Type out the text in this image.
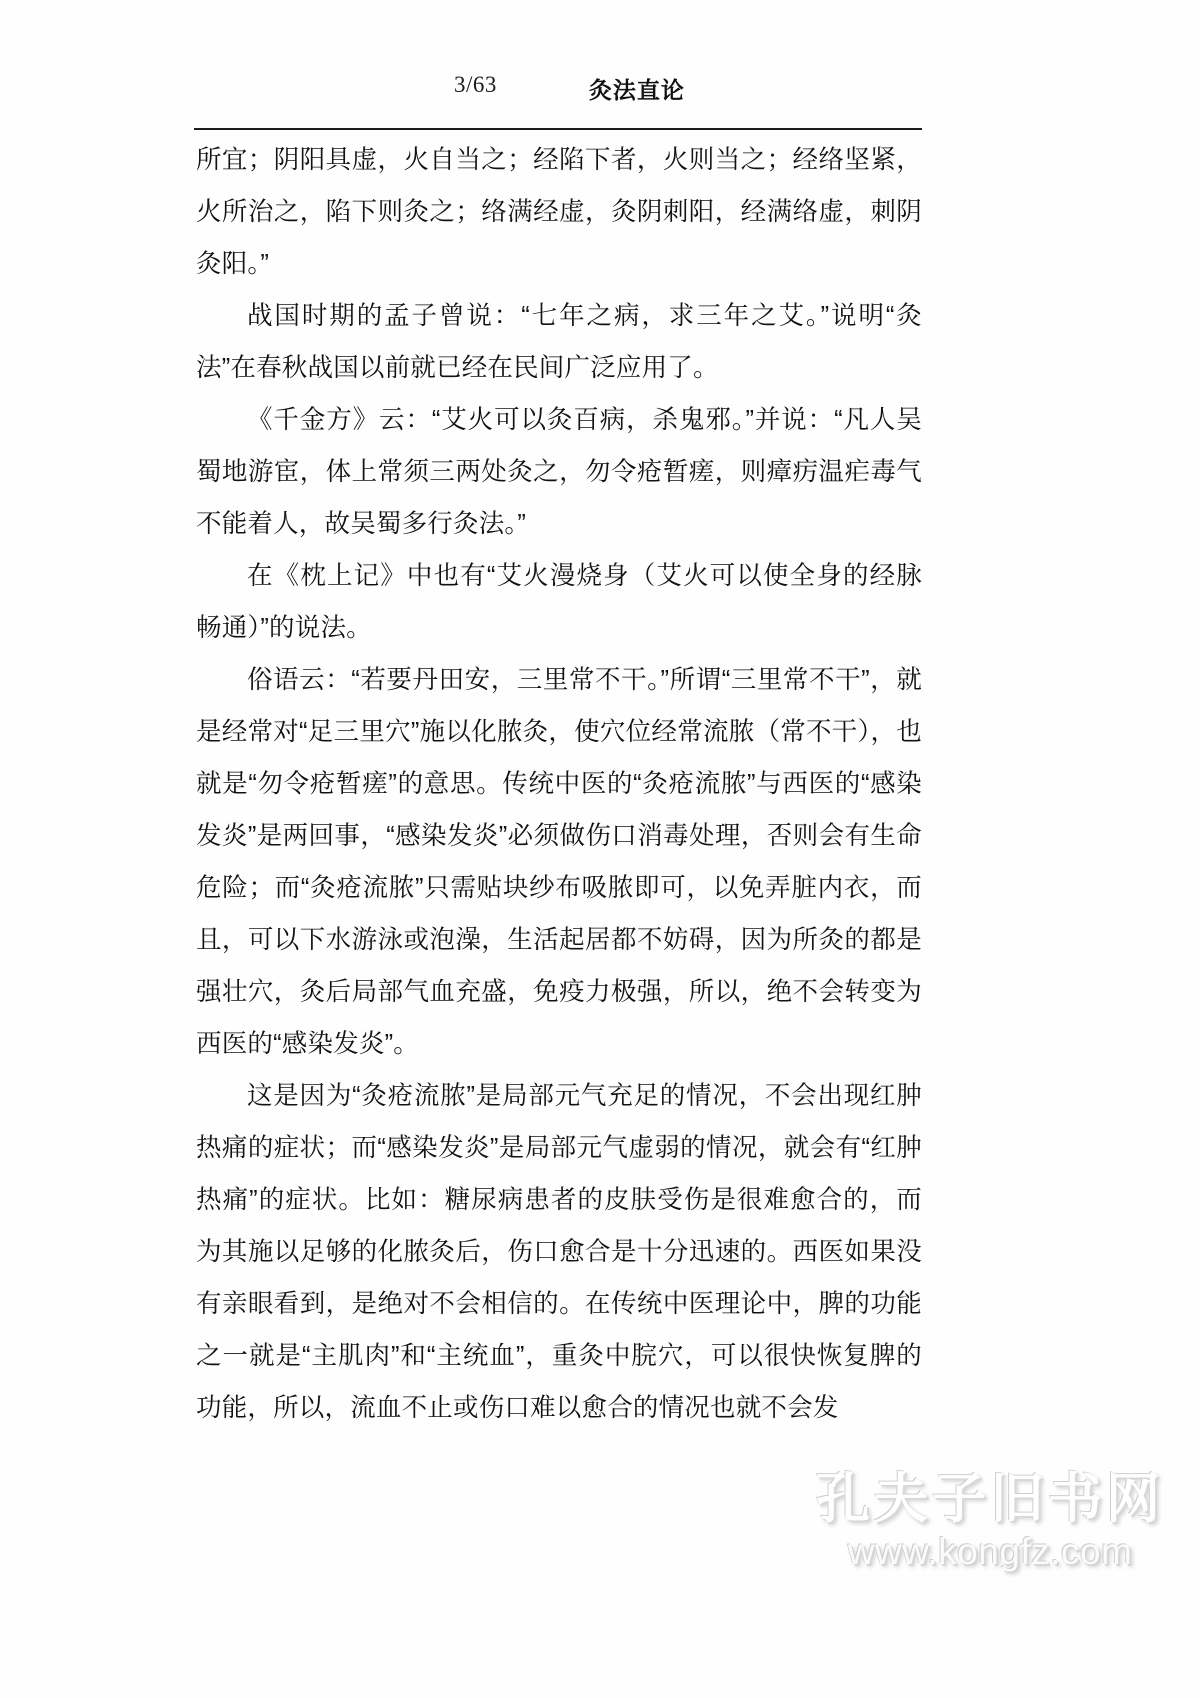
3/63	灸法直论

所宜；阴阳具虚，火自当之；经陷下者，火则当之；经络坚紧，火所治之，陷下则灸之；络满经虚，灸阴刺阳，经满络虚，刺阴灸阳。”

战国时期的孟子曾说：“七年之病，求三年之艾。”说明“灸法”在春秋战国以前就已经在民间广泛应用了。

《千金方》云：“艾火可以灸百病，杀鬼邪。”并说：“凡人吴蜀地游宦，体上常须三两处灸之，勿令疮暂瘥，则瘴疠温疟毒气不能着人，故吴蜀多行灸法。”

在《枕上记》中也有“艾火漫烧身（艾火可以使全身的经脉畅通）”的说法。

俗语云：“若要丹田安，三里常不干。”所谓“三里常不干”，就是经常对“足三里穴”施以化脓灸，使穴位经常流脓（常不干），也就是“勿令疮暂瘥”的意思。传统中医的“灸疮流脓”与西医的“感染发炎”是两回事，“感染发炎”必须做伤口消毒处理，否则会有生命危险；而“灸疮流脓”只需贴块纱布吸脓即可，以免弄脏内衣，而且，可以下水游泳或泡澡，生活起居都不妨碍，因为所灸的都是强壮穴，灸后局部气血充盛，免疫力极强，所以，绝不会转变为西医的“感染发炎”。

这是因为“灸疮流脓”是局部元气充足的情况，不会出现红肿热痛的症状；而“感染发炎”是局部元气虚弱的情况，就会有“红肿热痛”的症状。比如：糖尿病患者的皮肤受伤是很难愈合的，而为其施以足够的化脓灸后，伤口愈合是十分迅速的。西医如果没有亲眼看到，是绝对不会相信的。在传统中医理论中，脾的功能之一就是“主肌肉”和“主统血”，重灸中脘穴，可以很快恢复脾的功能，所以，流血不止或伤口难以愈合的情况也就不会发

孔夫子旧书网
www.kongfz.com
